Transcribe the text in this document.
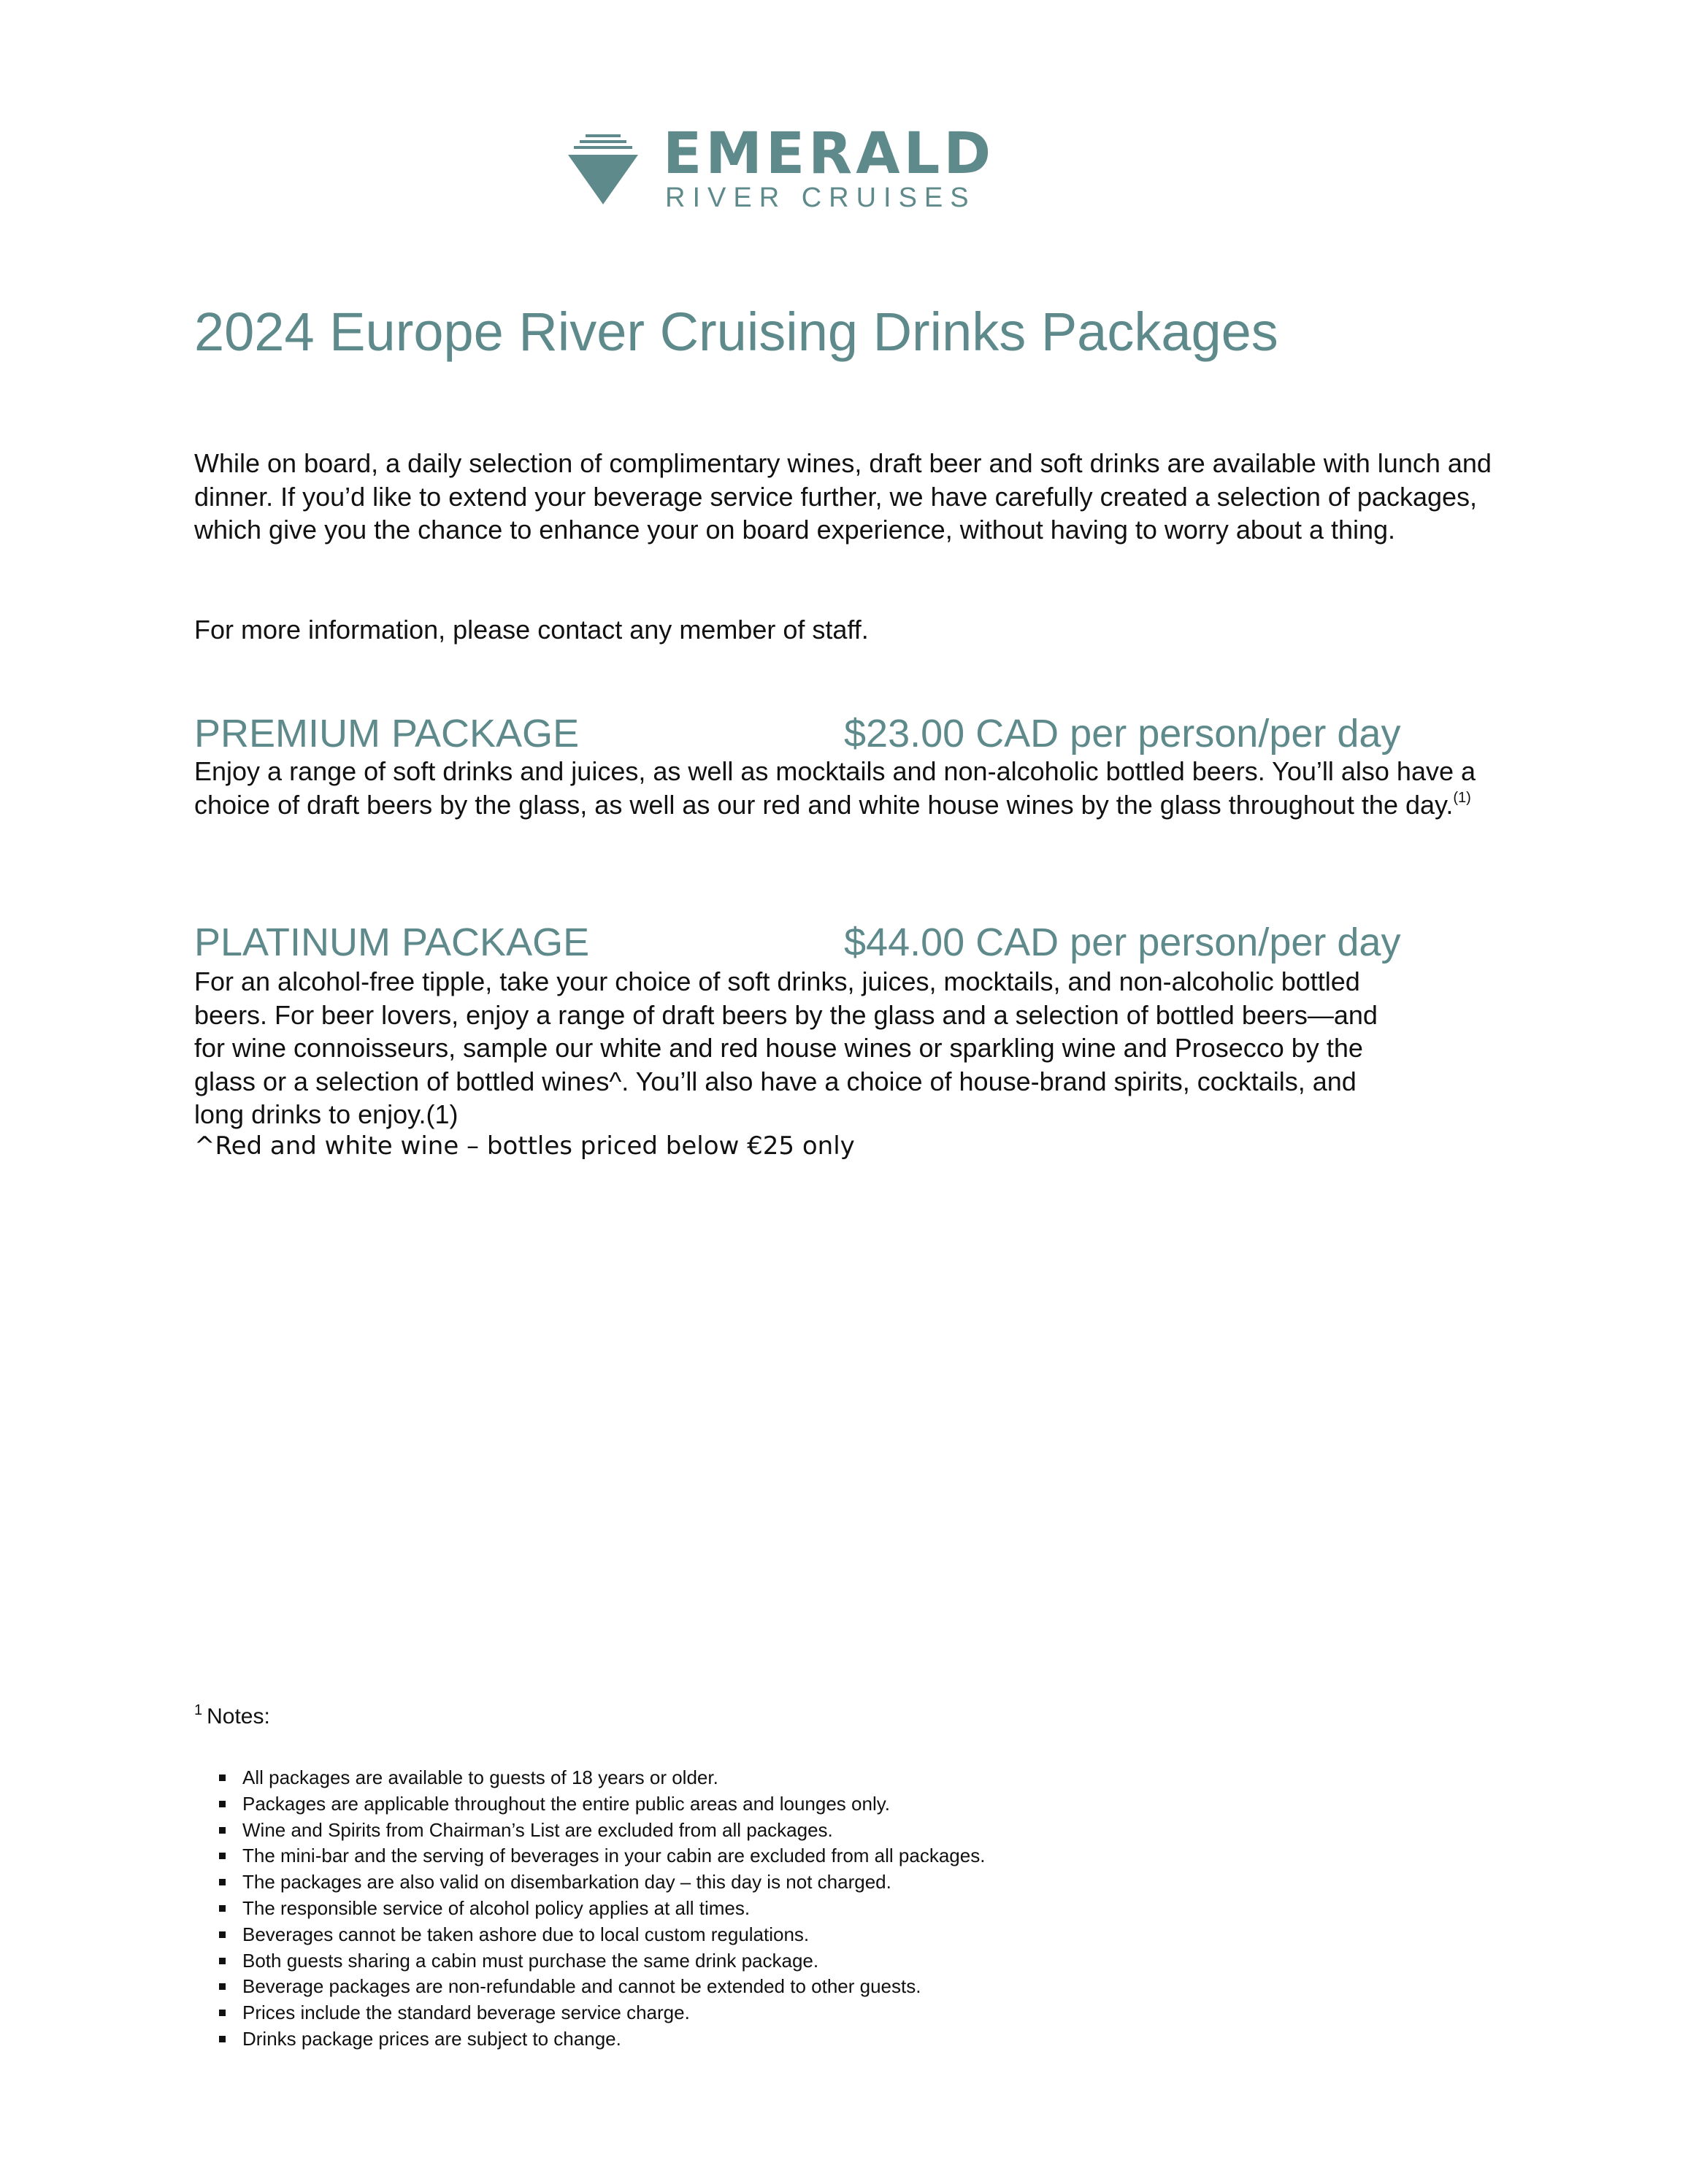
EMERALD
RIVER CRUISES
2024 Europe River Cruising Drinks Packages

While on board, a daily selection of complimentary wines, draft beer and soft drinks are available with lunch and dinner. If you’d like to extend your beverage service further, we have carefully created a selection of packages, which give you the chance to enhance your on board experience, without having to worry about a thing.

For more information, please contact any member of staff.

PREMIUM PACKAGE	$23.00 CAD per person/per day

Enjoy a range of soft drinks and juices, as well as mocktails and non-alcoholic bottled beers. You’ll also have a choice of draft beers by the glass, as well as our red and white house wines by the glass throughout the day.$^{(1)}$

PLATINUM PACKAGE	$44.00 CAD per person/per day

For an alcohol-free tipple, take your choice of soft drinks, juices, mocktails, and non-alcoholic bottled beers. For beer lovers, enjoy a range of draft beers by the glass and a selection of bottled beers—and for wine connoisseurs, sample our white and red house wines or sparkling wine and Prosecco by the glass or a selection of bottled wines^. You’ll also have a choice of house-brand spirits, cocktails, and long drinks to enjoy.(1)

^Red and white wine – bottles priced below €25 only

$^1$ Notes:

All packages are available to guests of 18 years or older.
Packages are applicable throughout the entire public areas and lounges only.
Wine and Spirits from Chairman’s List are excluded from all packages.
The mini-bar and the serving of beverages in your cabin are excluded from all packages.
The packages are also valid on disembarkation day – this day is not charged.
The responsible service of alcohol policy applies at all times.
Beverages cannot be taken ashore due to local custom regulations.
Both guests sharing a cabin must purchase the same drink package.
Beverage packages are non-refundable and cannot be extended to other guests.
Prices include the standard beverage service charge.
Drinks package prices are subject to change.
